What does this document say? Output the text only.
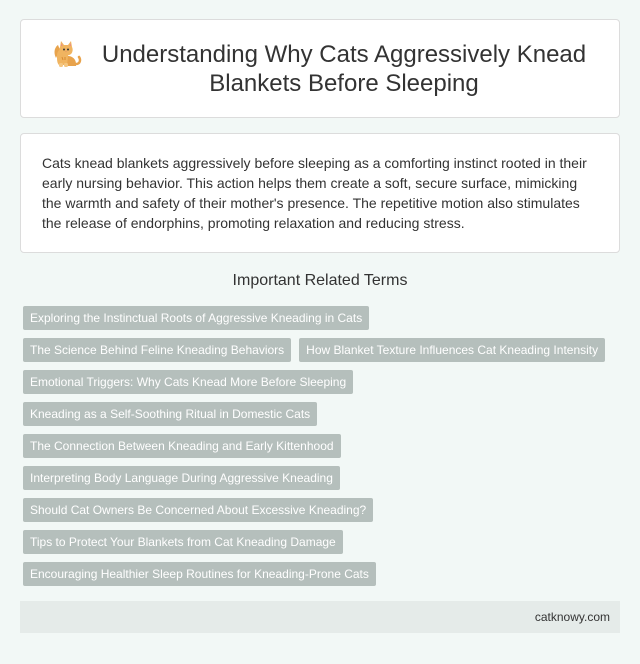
Understanding Why Cats Aggressively Knead Blankets Before Sleeping

Cats knead blankets aggressively before sleeping as a comforting instinct rooted in their early nursing behavior. This action helps them create a soft, secure surface, mimicking the warmth and safety of their mother's presence. The repetitive motion also stimulates the release of endorphins, promoting relaxation and reducing stress.

Important Related Terms
Exploring the Instinctual Roots of Aggressive Kneading in Cats
The Science Behind Feline Kneading Behaviors	How Blanket Texture Influences Cat Kneading Intensity
Emotional Triggers: Why Cats Knead More Before Sleeping
Kneading as a Self-Soothing Ritual in Domestic Cats
The Connection Between Kneading and Early Kittenhood
Interpreting Body Language During Aggressive Kneading
Should Cat Owners Be Concerned About Excessive Kneading?
Tips to Protect Your Blankets from Cat Kneading Damage
Encouraging Healthier Sleep Routines for Kneading-Prone Cats
catknowy.com
